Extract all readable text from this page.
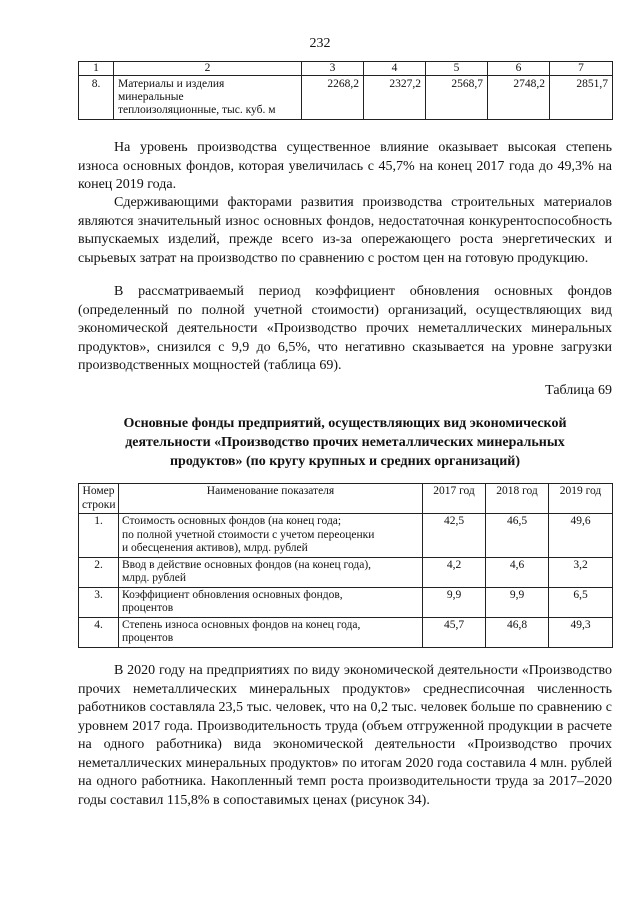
232
1	2	3	4	5	6	7
8.	Материалы и изделия
минеральные
теплоизоляционные, тыс. куб. м	2268,2	2327,2	2568,7	2748,2	2851,7

На уровень производства существенное влияние оказывает высокая степень износа основных фондов, которая увеличилась с 45,7% на конец 2017 года до 49,3% на конец 2019 года.

Сдерживающими факторами развития производства строительных материалов являются значительный износ основных фондов, недостаточная конкурентоспособность выпускаемых изделий, прежде всего из-за опережающего роста энергетических и сырьевых затрат на производство по сравнению с ростом цен на готовую продукцию.

В рассматриваемый период коэффициент обновления основных фондов (определенный по полной учетной стоимости) организаций, осуществляющих вид экономической деятельности «Производство прочих неметаллических минеральных продуктов», снизился с 9,9 до 6,5%, что негативно сказывается на уровне загрузки производственных мощностей (таблица 69).

Таблица 69
Основные фонды предприятий, осуществляющих вид экономической
деятельности «Производство прочих неметаллических минеральных
продуктов» (по кругу крупных и средних организаций)
Номер
строки	Наименование показателя	2017 год	2018 год	2019 год
1.	Стоимость основных фондов (на конец года;
по полной учетной стоимости с учетом переоценки
и обесценения активов), млрд. рублей	42,5	46,5	49,6
2.	Ввод в действие основных фондов (на конец года),
млрд. рублей	4,2	4,6	3,2
3.	Коэффициент обновления основных фондов,
процентов	9,9	9,9	6,5
4.	Степень износа основных фондов на конец года,
процентов	45,7	46,8	49,3

В 2020 году на предприятиях по виду экономической деятельности «Производство прочих неметаллических минеральных продуктов» среднесписочная численность работников составляла 23,5 тыс. человек, что на 0,2 тыс. человек больше по сравнению с уровнем 2017 года. Производительность труда (объем отгруженной продукции в расчете на одного работника) вида экономической деятельности «Производство прочих неметаллических минеральных продуктов» по итогам 2020 года составила 4 млн. рублей на одного работника. Накопленный темп роста производительности труда за 2017–2020 годы составил 115,8% в сопоставимых ценах (рисунок 34).
